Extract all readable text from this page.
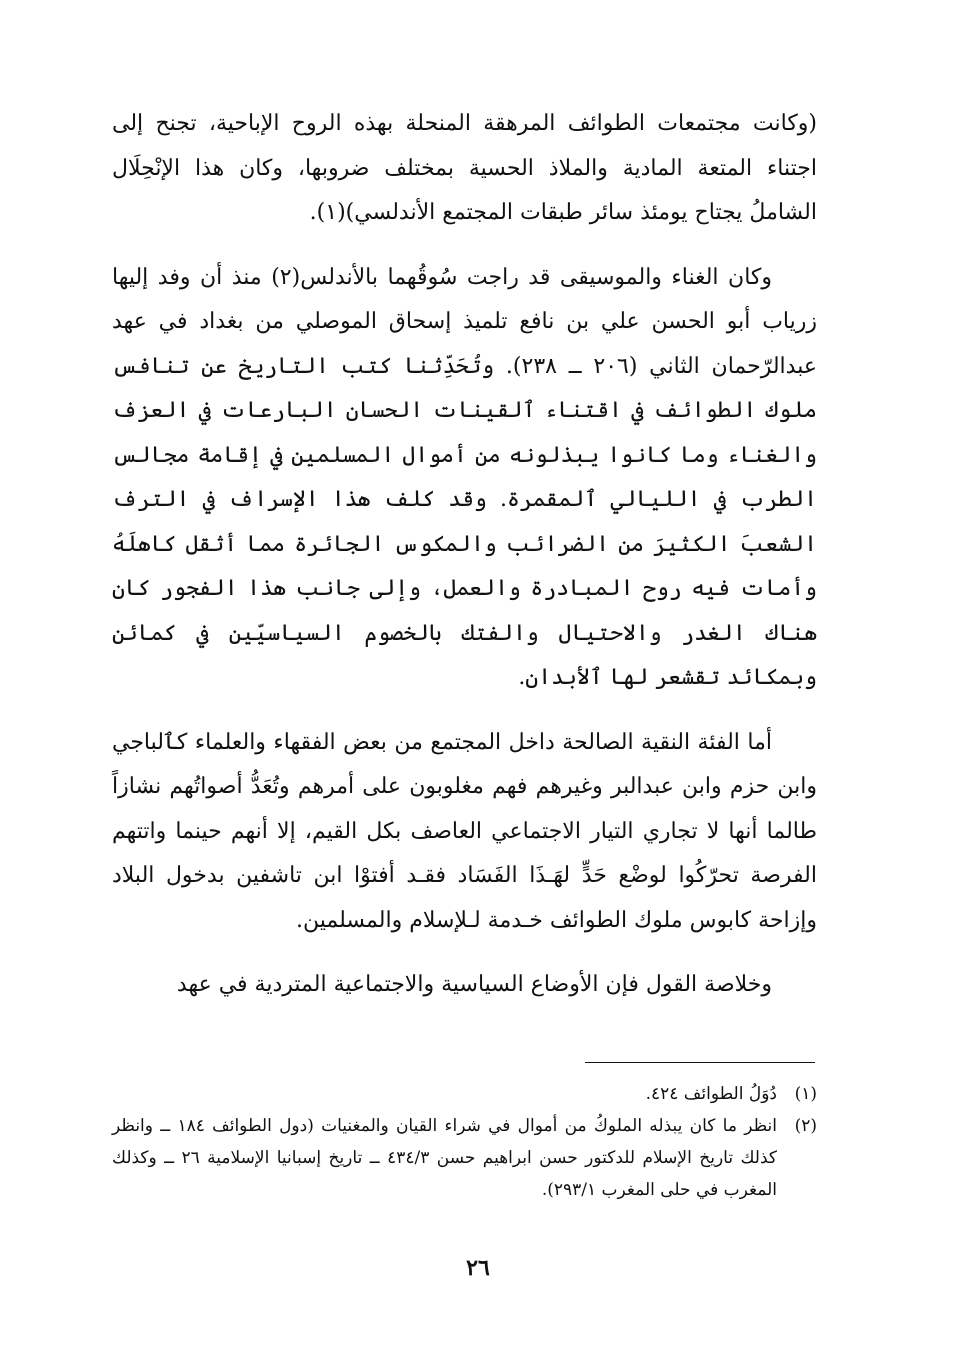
(وكانت مجتمعات الطوائف المرهقة المنحلة بهذه الروح الإباحية، تجنح إلى اجتناء المتعة المادية والملاذ الحسية بمختلف ضروبها، وكان هذا الإنْحِلَال الشاملُ يجتاح يومئذ سائر طبقات المجتمع الأندلسي)(١).

وكان الغناء والموسيقى قد راجت سُوقُهما بالأندلس(٢) منذ أن وفد إليها زرياب أبو الحسن علي بن نافع تلميذ إسحاق الموصلي من بغداد في عهد عبدالرّحمان الثاني (٢٠٦ ــ ٢٣٨). وتُحَدِّثنا كتب التاريخ عن تنافس ملوك الطوائف في اقتناء ٱلقينات الحسان البارعات في العزف والغناء وما كانوا يبذلونه من أموال المسلمين في إقامة مجالس الطرب في الليالي ٱلمقمرة. وقد كلف هذا الإسراف في الترف الشعبَ الكثيرَ من الضرائب والمكوس الجائرة مما أثقل كاهلَهُ وأمات فيه روح المبادرة والعمل، وإلى جانب هذا الفجور كان هناك الغدر والاحتيال والفتك بالخصوم السياسيّين في كمائن وبمكائد تقشعر لها ٱلأبدان.

أما الفئة النقية الصالحة داخل المجتمع من بعض الفقهاء والعلماء كٱلباجي وابن حزم وابن عبدالبر وغيرهم فهم مغلوبون على أمرهم وتُعَدُّ أصواتُهم نشازاً طالما أنها لا تجاري التيار الاجتماعي العاصف بكل القيم، إلا أنهم حينما واتتهم الفرصة تحرّكُوا لوضْع حَدٍّ لهَـذَا الفَسَاد فقـد أفتوْا ابن تاشفين بدخول البلاد وإزاحة كابوس ملوك الطوائف خـدمة لـلإسلام والمسلمين.

وخلاصة القول فإن الأوضاع السياسية والاجتماعية المتردية في عهد

(١)
دُوَلُ الطوائف ٤٢٤.
(٢)
انظر ما كان يبذله الملوكُ من أموال في شراء القيان والمغنيات (دول الطوائف ١٨٤ ــ وانظر كذلك تاريخ الإسلام للدكتور حسن ابراهيم حسن ٤٣٤/٣ ــ تاريخ إسبانيا الإسلامية ٢٦ ــ وكذلك المغرب في حلى المغرب ٢٩٣/١).
٢٦
